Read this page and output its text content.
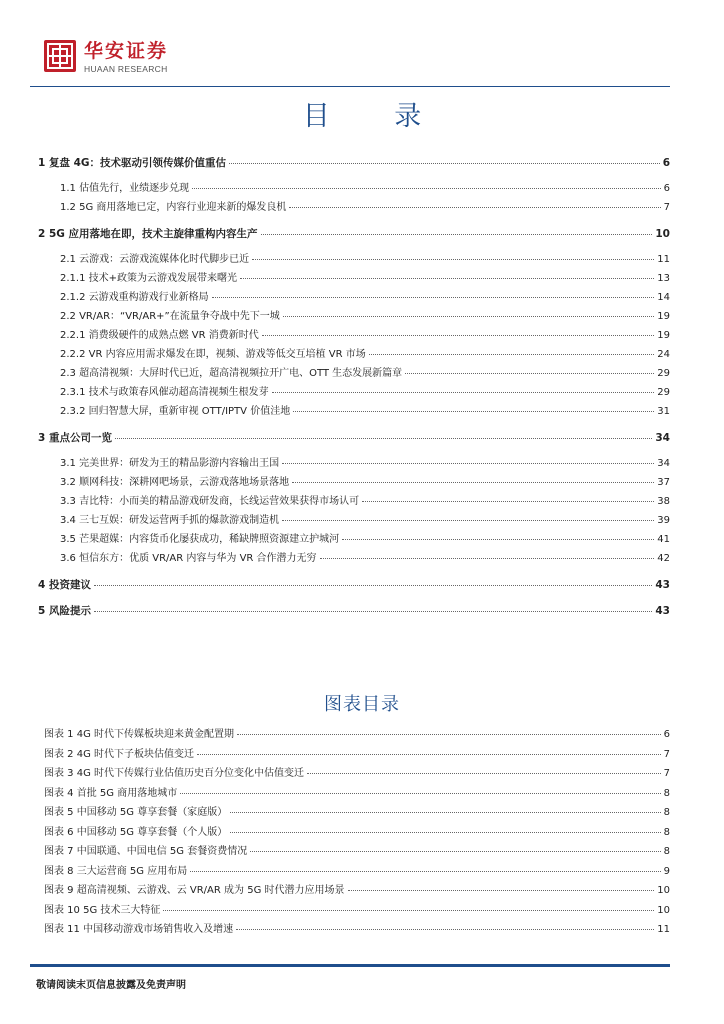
华安证券
HUAAN RESEARCH
目 录
1 复盘 4G：技术驱动引领传媒价值重估	6
1.1 估值先行，业绩逐步兑现	6
1.2 5G 商用落地已定，内容行业迎来新的爆发良机	7
2 5G 应用落地在即，技术主旋律重构内容生产	10
2.1 云游戏：云游戏流媒体化时代脚步已近	11
2.1.1 技术+政策为云游戏发展带来曙光	13
2.1.2 云游戏重构游戏行业新格局	14
2.2 VR/AR：“VR/AR+”在流量争夺战中先下一城	19
2.2.1 消费级硬件的成熟点燃 VR 消费新时代	19
2.2.2 VR 内容应用需求爆发在即，视频、游戏等低交互培植 VR 市场	24
2.3 超高清视频：大屏时代已近，超高清视频拉开广电、OTT 生态发展新篇章	29
2.3.1 技术与政策春风催动超高清视频生根发芽	29
2.3.2 回归智慧大屏，重新审视 OTT/IPTV 价值洼地	31
3 重点公司一览	34
3.1 完美世界：研发为王的精品影游内容输出王国	34
3.2 顺网科技：深耕网吧场景，云游戏落地场景落地	37
3.3 吉比特：小而美的精品游戏研发商，长线运营效果获得市场认可	38
3.4 三七互娱：研发运营两手抓的爆款游戏制造机	39
3.5 芒果超媒：内容货币化屡获成功，稀缺牌照资源建立护城河	41
3.6 恒信东方：优质 VR/AR 内容与华为 VR 合作潜力无穷	42
4 投资建议	43
5 风险提示	43
图表目录
图表 1 4G 时代下传媒板块迎来黄金配置期	6
图表 2 4G 时代下子板块估值变迁	7
图表 3 4G 时代下传媒行业估值历史百分位变化中估值变迁	7
图表 4 首批 5G 商用落地城市	8
图表 5 中国移动 5G 尊享套餐（家庭版）	8
图表 6 中国移动 5G 尊享套餐（个人版）	8
图表 7 中国联通、中国电信 5G 套餐资费情况	8
图表 8 三大运营商 5G 应用布局	9
图表 9 超高清视频、云游戏、云 VR/AR 成为 5G 时代潜力应用场景	10
图表 10 5G 技术三大特征	10
图表 11 中国移动游戏市场销售收入及增速	11
敬请阅读末页信息披露及免责声明
